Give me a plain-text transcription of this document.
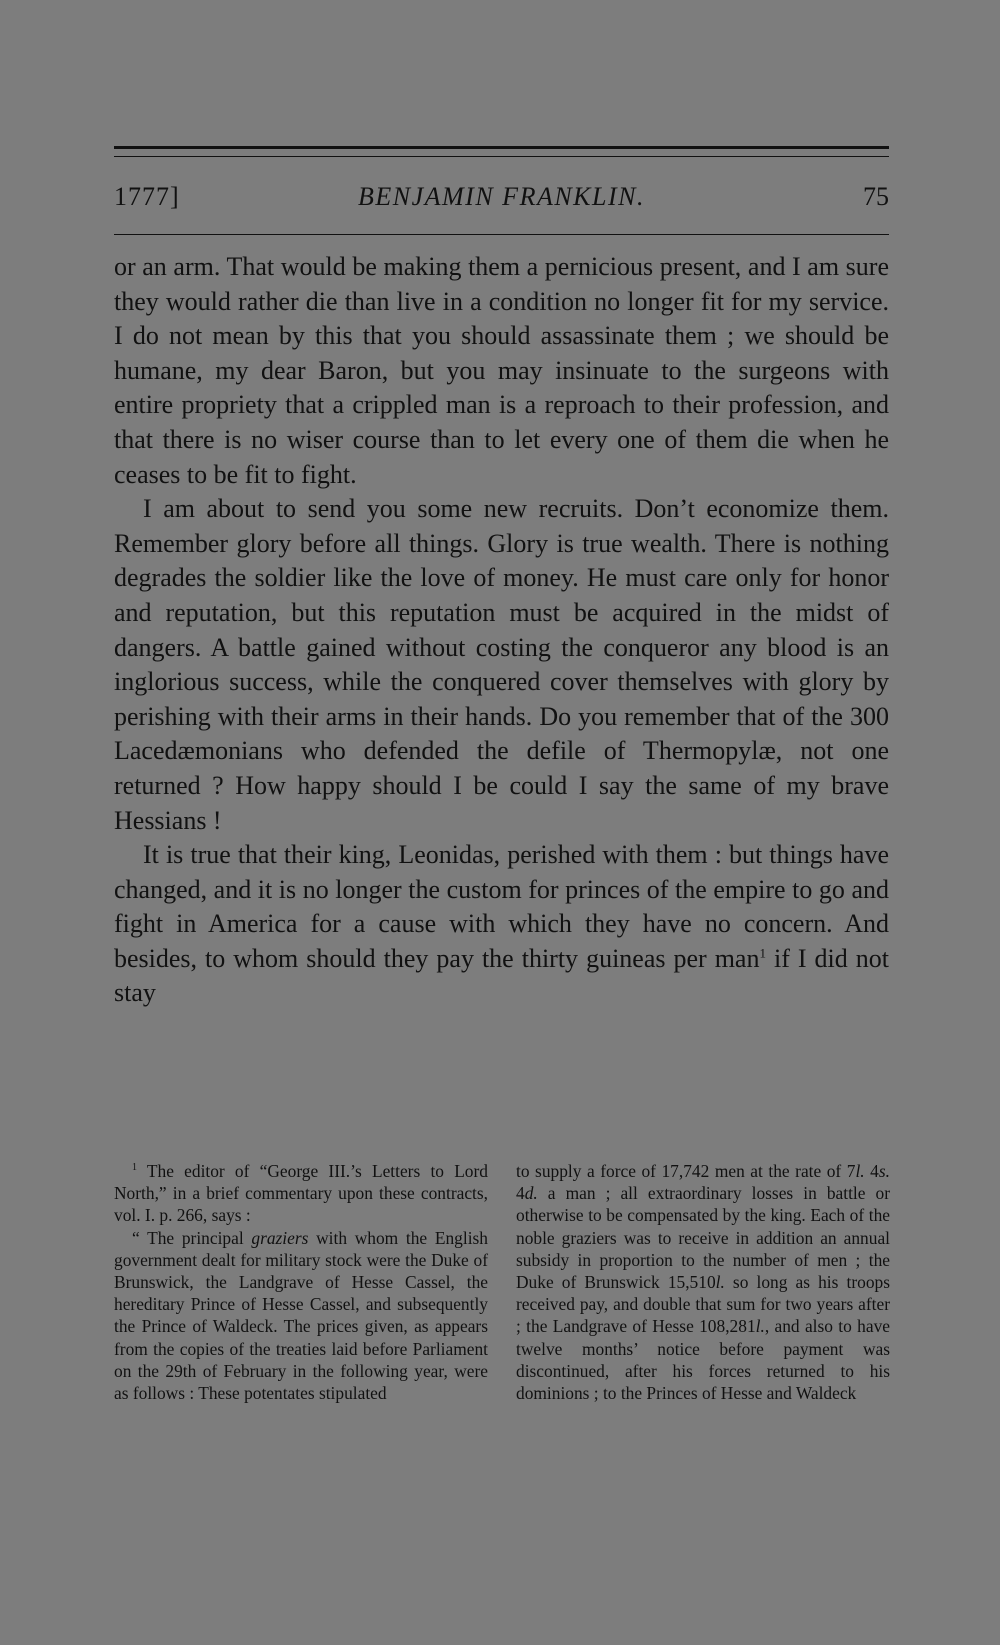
1777]	BENJAMIN FRANKLIN.	75

or an arm. That would be making them a pernicious present, and I am sure they would rather die than live in a condition no longer fit for my service. I do not mean by this that you should assassinate them ; we should be humane, my dear Baron, but you may insinuate to the surgeons with entire propriety that a crippled man is a reproach to their profession, and that there is no wiser course than to let every one of them die when he ceases to be fit to fight.

I am about to send you some new recruits. Don’t economize them. Remember glory before all things. Glory is true wealth. There is nothing degrades the soldier like the love of money. He must care only for honor and reputation, but this reputation must be acquired in the midst of dangers. A battle gained without costing the conqueror any blood is an inglorious success, while the conquered cover themselves with glory by perishing with their arms in their hands. Do you remember that of the 300 Lacedæmonians who defended the defile of Thermopylæ, not one returned ? How happy should I be could I say the same of my brave Hessians !

It is true that their king, Leonidas, perished with them : but things have changed, and it is no longer the custom for princes of the empire to go and fight in America for a cause with which they have no concern. And besides, to whom should they pay the thirty guineas per man$^1$ if I did not stay

$^1$ The editor of “George III.’s Letters to Lord North,” in a brief commentary upon these contracts, vol. I. p. 266, says :

“ The principal graziers with whom the English government dealt for military stock were the Duke of Brunswick, the Landgrave of Hesse Cassel, the hereditary Prince of Hesse Cassel, and subsequently the Prince of Waldeck. The prices given, as appears from the copies of the treaties laid before Parliament on the 29th of February in the following year, were as follows : These potentates stipulated

to supply a force of 17,742 men at the rate of 7l. 4s. 4d. a man ; all extraordinary losses in battle or otherwise to be compensated by the king. Each of the noble graziers was to receive in addition an annual subsidy in proportion to the number of men ; the Duke of Brunswick 15,510l. so long as his troops received pay, and double that sum for two years after ; the Landgrave of Hesse 108,281l., and also to have twelve months’ notice before payment was discontinued, after his forces returned to his dominions ; to the Princes of Hesse and Waldeck
